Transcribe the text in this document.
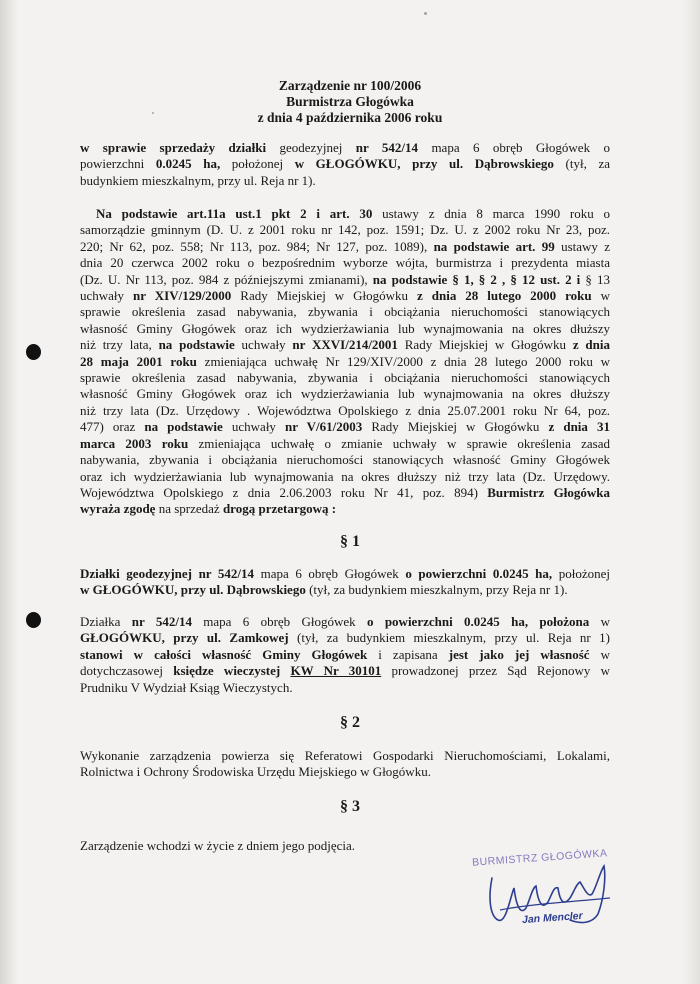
Zarządzenie nr 100/2006
Burmistrza Głogówka
z dnia 4 października 2006 roku
w sprawie sprzedaży działki geodezyjnej nr 542/14 mapa 6 obręb Głogówek o
powierzchni 0.0245 ha, położonej w GŁOGÓWKU, przy ul. Dąbrowskiego (tył, za
budynkiem mieszkalnym, przy ul. Reja nr 1).
Na podstawie art.11a ust.1 pkt 2 i art. 30 ustawy z dnia 8 marca 1990 roku o
samorządzie gminnym (D. U. z 2001 roku nr 142, poz. 1591; Dz. U. z 2002 roku Nr 23, poz.
220; Nr 62, poz. 558; Nr 113, poz. 984; Nr 127, poz. 1089), na podstawie art. 99 ustawy z
dnia 20 czerwca 2002 roku o bezpośrednim wyborze wójta, burmistrza i prezydenta miasta
(Dz. U. Nr 113, poz. 984 z późniejszymi zmianami), na podstawie § 1, § 2 , § 12 ust. 2 i § 13
uchwały nr XIV/129/2000 Rady Miejskiej w Głogówku z dnia 28 lutego 2000 roku w
sprawie określenia zasad nabywania, zbywania i obciążania nieruchomości stanowiących
własność Gminy Głogówek oraz ich wydzierżawiania lub wynajmowania na okres dłuższy
niż trzy lata, na podstawie uchwały nr XXVI/214/2001 Rady Miejskiej w Głogówku z dnia
28 maja 2001 roku zmieniająca uchwałę Nr 129/XIV/2000 z dnia 28 lutego 2000 roku w
sprawie określenia zasad nabywania, zbywania i obciążania nieruchomości stanowiących
własność Gminy Głogówek oraz ich wydzierżawiania lub wynajmowania na okres dłuższy
niż trzy lata (Dz. Urzędowy . Województwa Opolskiego z dnia 25.07.2001 roku Nr 64, poz.
477) oraz na podstawie uchwały nr V/61/2003 Rady Miejskiej w Głogówku z dnia 31
marca 2003 roku zmieniająca uchwałę o zmianie uchwały w sprawie określenia zasad
nabywania, zbywania i obciążania nieruchomości stanowiących własność Gminy Głogówek
oraz ich wydzierżawiania lub wynajmowania na okres dłuższy niż trzy lata (Dz. Urzędowy.
Województwa Opolskiego z dnia 2.06.2003 roku Nr 41, poz. 894) Burmistrz Głogówka
wyraża zgodę na sprzedaż drogą przetargową :
§ 1
Działki geodezyjnej nr 542/14 mapa 6 obręb Głogówek o powierzchni 0.0245 ha, położonej
w GŁOGÓWKU, przy ul. Dąbrowskiego (tył, za budynkiem mieszkalnym, przy Reja nr 1).
Działka nr 542/14 mapa 6 obręb Głogówek o powierzchni 0.0245 ha, położona w
GŁOGÓWKU, przy ul. Zamkowej (tył, za budynkiem mieszkalnym, przy ul. Reja nr 1)
stanowi w całości własność Gminy Głogówek i zapisana jest jako jej własność w
dotychczasowej księdze wieczystej KW Nr 30101 prowadzonej przez Sąd Rejonowy w
Prudniku V Wydział Ksiąg Wieczystych.
§ 2
Wykonanie zarządzenia powierza się Referatowi Gospodarki Nieruchomościami, Lokalami,
Rolnictwa i Ochrony Środowiska Urzędu Miejskiego w Głogówku.
§ 3
Zarządzenie wchodzi w życie z dniem jego podjęcia.
BURMISTRZ GŁOGÓWKA
Jan Mencler
